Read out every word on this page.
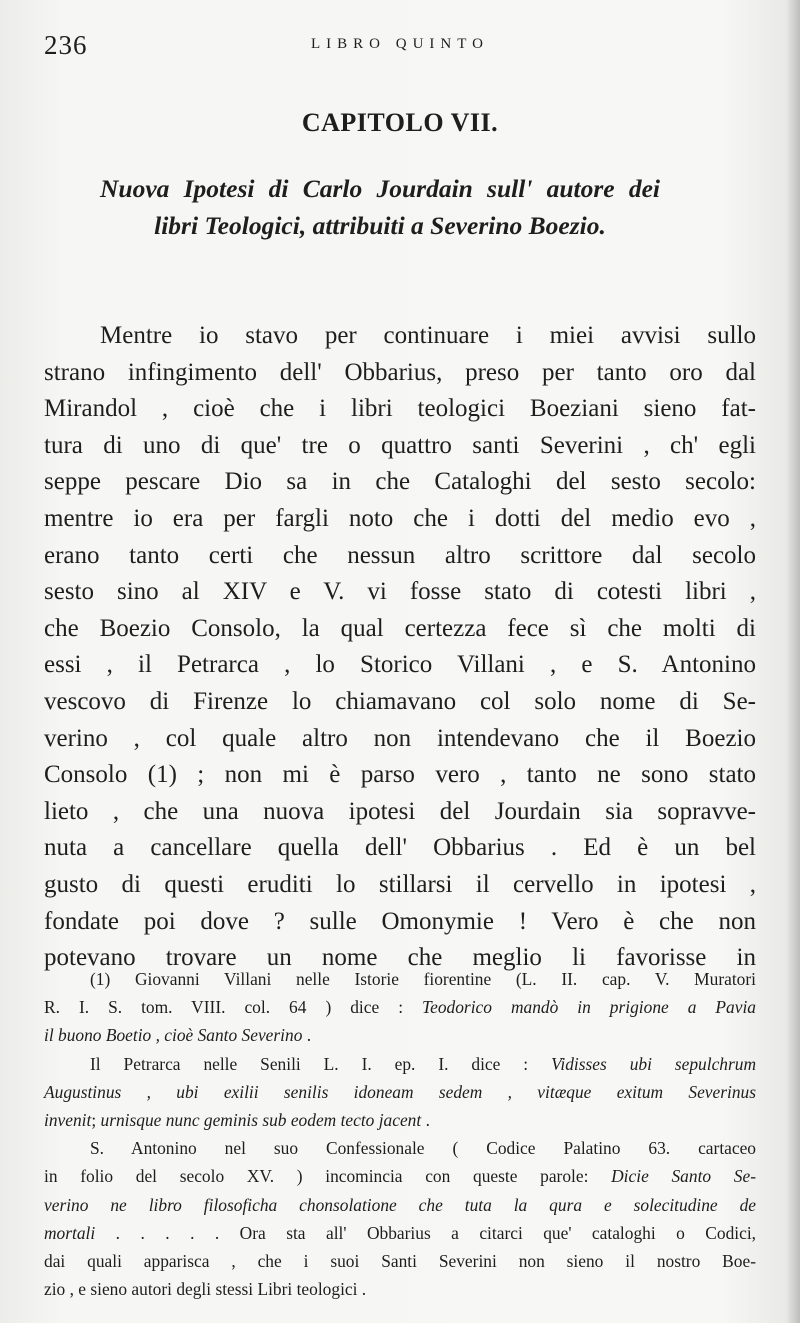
236	LIBRO QUINTO
CAPITOLO VII.
Nuova Ipotesi di Carlo Jourdain sull' autore dei
libri Teologici, attribuiti a Severino Boezio.
Mentre io stavo per continuare i miei avvisi sullo
strano infingimento dell' Obbarius, preso per tanto oro dal
Mirandol , cioè che i libri teologici Boeziani sieno fat-
tura di uno di que' tre o quattro santi Severini , ch' egli
seppe pescare Dio sa in che Cataloghi del sesto secolo:
mentre io era per fargli noto che i dotti del medio evo ,
erano tanto certi che nessun altro scrittore dal secolo
sesto sino al XIV e V. vi fosse stato di cotesti libri ,
che Boezio Consolo, la qual certezza fece sì che molti di
essi , il Petrarca , lo Storico Villani , e S. Antonino
vescovo di Firenze lo chiamavano col solo nome di Se-
verino , col quale altro non intendevano che il Boezio
Consolo (1) ; non mi è parso vero , tanto ne sono stato
lieto , che una nuova ipotesi del Jourdain sia sopravve-
nuta a cancellare quella dell' Obbarius . Ed è un bel
gusto di questi eruditi lo stillarsi il cervello in ipotesi ,
fondate poi dove ? sulle Omonymie ! Vero è che non
potevano trovare un nome che meglio li favorisse in
(1) Giovanni Villani nelle Istorie fiorentine (L. II. cap. V. Muratori
R. I. S. tom. VIII. col. 64 ) dice : Teodorico mandò in prigione a Pavia
il buono Boetio , cioè Santo Severino .
Il Petrarca nelle Senili L. I. ep. I. dice : Vidisses ubi sepulchrum
Augustinus , ubi exilii senilis idoneam sedem , vitæque exitum Severinus
invenit; urnisque nunc geminis sub eodem tecto jacent .
S. Antonino nel suo Confessionale ( Codice Palatino 63. cartaceo
in folio del secolo XV. ) incomincia con queste parole: Dicie Santo Se-
verino ne libro filosoficha chonsolatione che tuta la qura e solecitudine de
mortali . . . . . Ora sta all' Obbarius a citarci que' cataloghi o Codici,
dai quali apparisca , che i suoi Santi Severini non sieno il nostro Boe-
zio , e sieno autori degli stessi Libri teologici .
